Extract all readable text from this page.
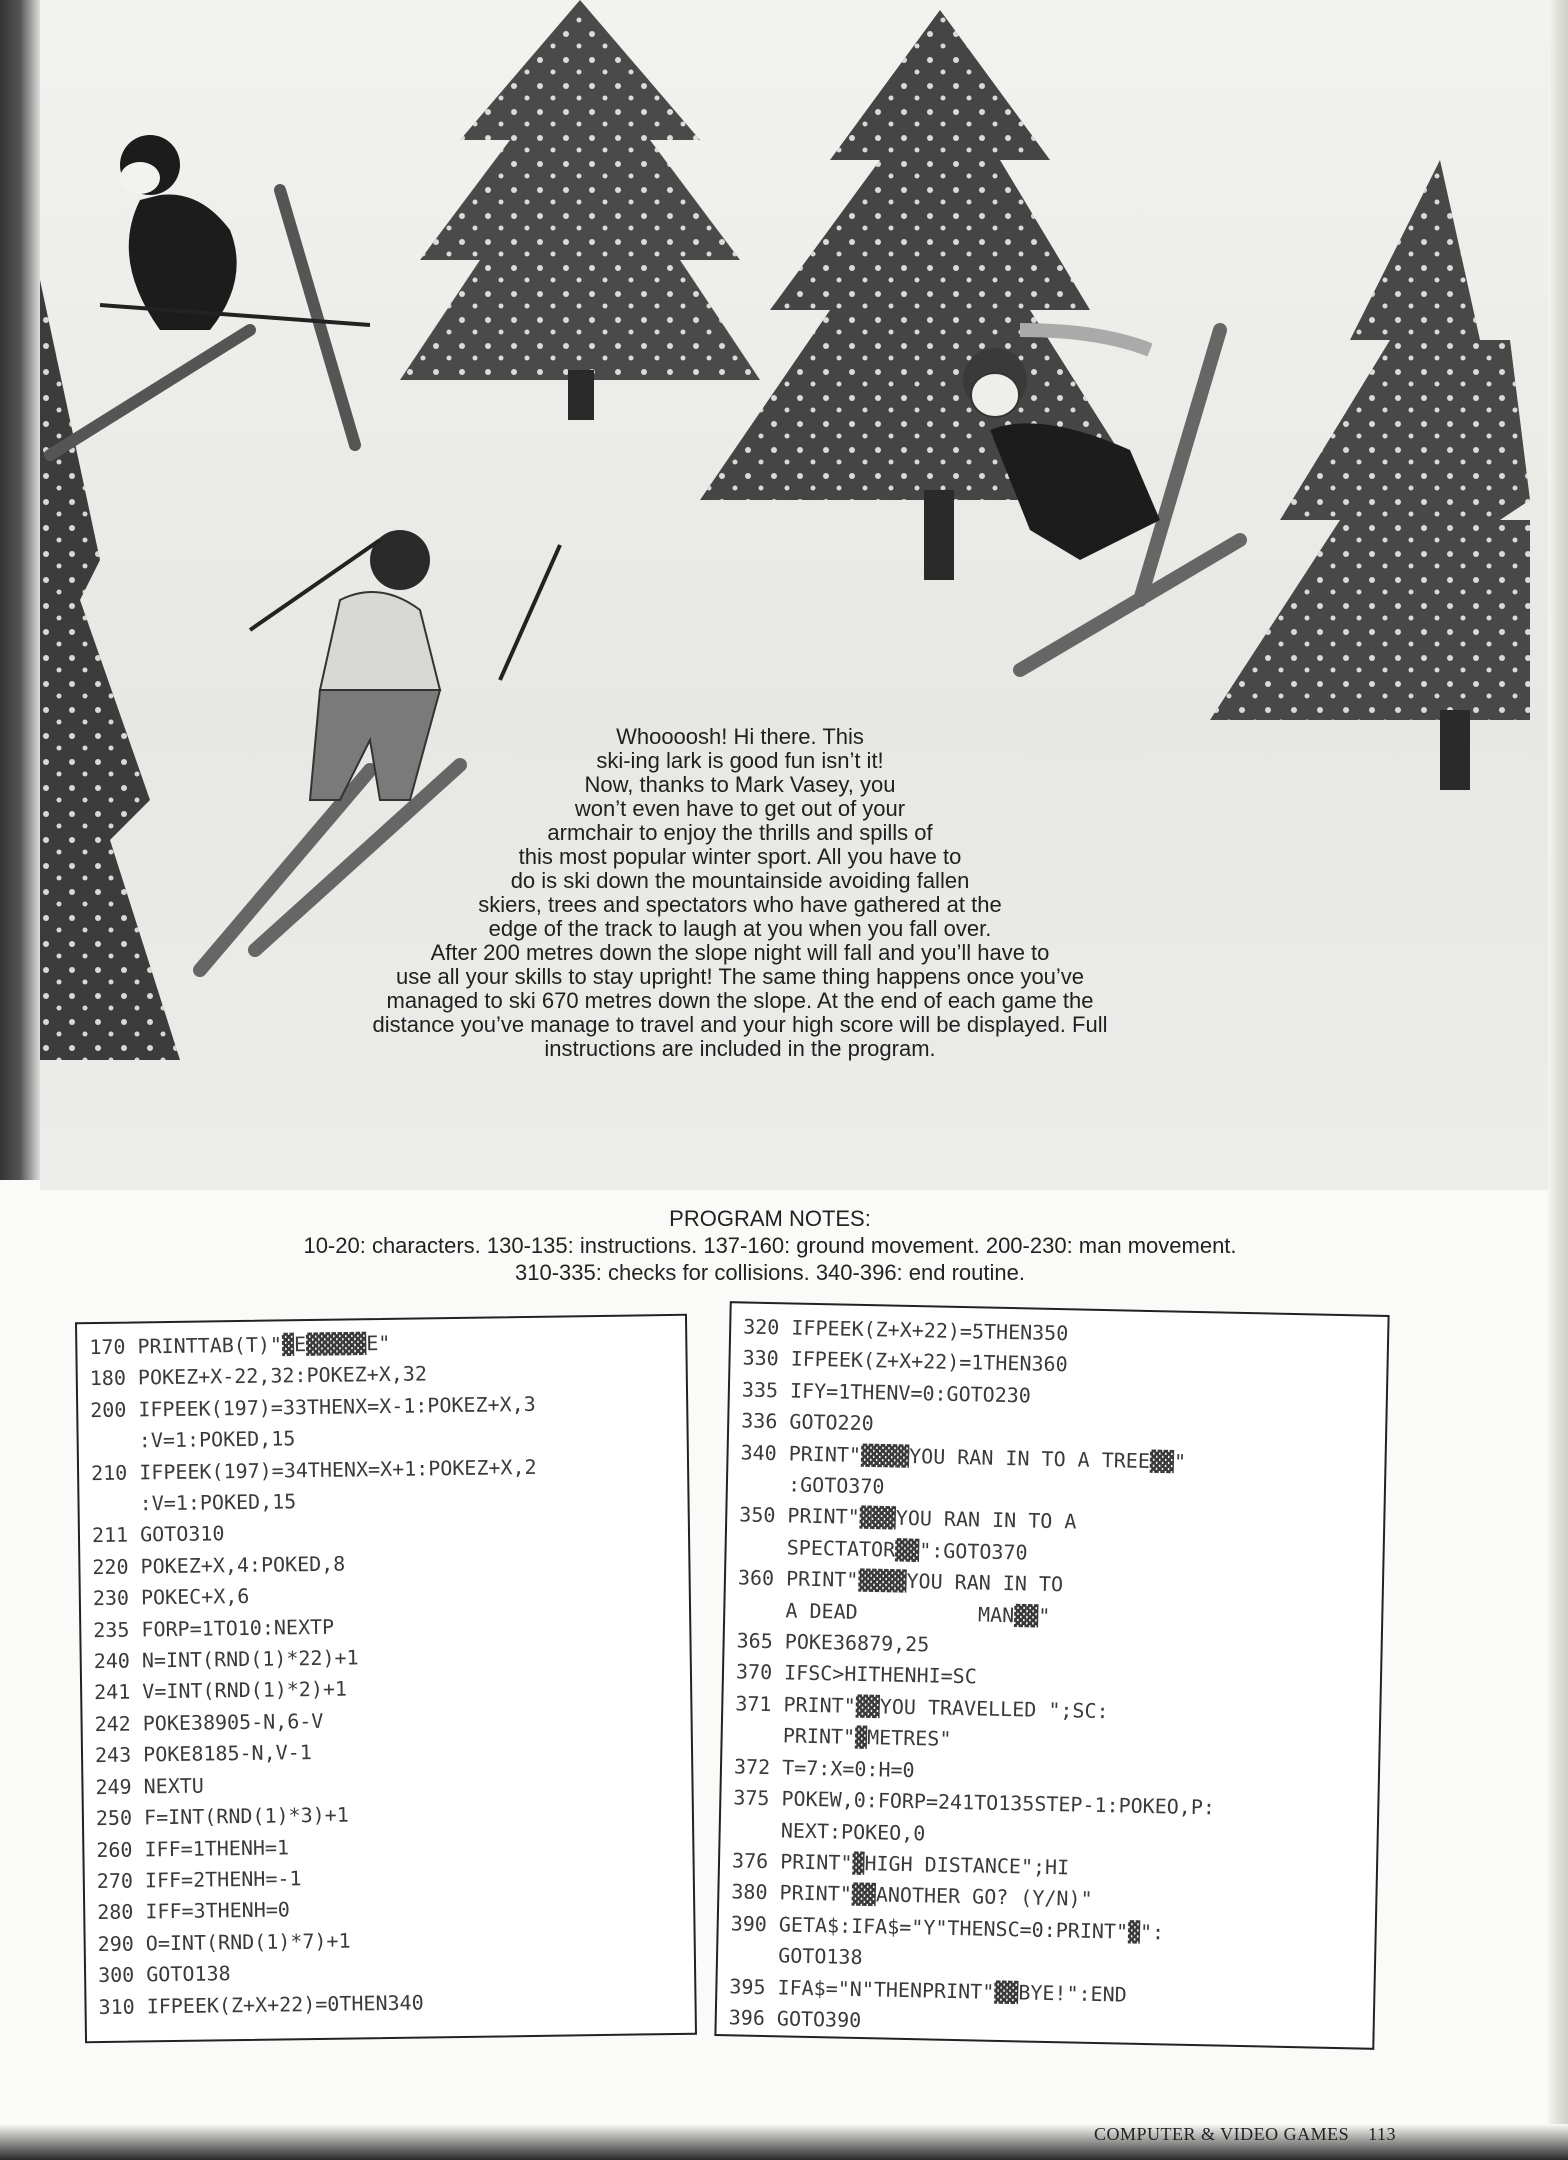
Whoooosh! Hi there. This
ski-ing lark is good fun isn’t it!
Now, thanks to Mark Vasey, you
won’t even have to get out of your
armchair to enjoy the thrills and spills of
this most popular winter sport. All you have to
do is ski down the mountainside avoiding fallen
skiers, trees and spectators who have gathered at the
edge of the track to laugh at you when you fall over.
After 200 metres down the slope night will fall and you’ll have to
use all your skills to stay upright! The same thing happens once you’ve
managed to ski 670 metres down the slope. At the end of each game the
distance you’ve manage to travel and your high score will be displayed. Full
instructions are included in the program.
PROGRAM NOTES:
10-20: characters. 130-135: instructions. 137-160: ground movement. 200-230: man movement.
310-335: checks for collisions. 340-396: end routine.
170 PRINTTAB(T)"▓E▓▓▓▓▓E"
180 POKEZ+X-22,32:POKEZ+X,32
200 IFPEEK(197)=33THENX=X-1:POKEZ+X,3
:V=1:POKED,15
210 IFPEEK(197)=34THENX=X+1:POKEZ+X,2
:V=1:POKED,15
211 GOTO310
220 POKEZ+X,4:POKED,8
230 POKEC+X,6
235 FORP=1TO10:NEXTP
240 N=INT(RND(1)*22)+1
241 V=INT(RND(1)*2)+1
242 POKE38905-N,6-V
243 POKE8185-N,V-1
249 NEXTU
250 F=INT(RND(1)*3)+1
260 IFF=1THENH=1
270 IFF=2THENH=-1
280 IFF=3THENH=0
290 O=INT(RND(1)*7)+1
300 GOTO138
310 IFPEEK(Z+X+22)=0THEN340
320 IFPEEK(Z+X+22)=5THEN350
330 IFPEEK(Z+X+22)=1THEN360
335 IFY=1THENV=0:GOTO230
336 GOTO220
340 PRINT"▓▓▓▓YOU RAN IN TO A TREE▓▓"
:GOTO370
350 PRINT"▓▓▓YOU RAN IN TO A
SPECTATOR▓▓":GOTO370
360 PRINT"▓▓▓▓YOU RAN IN TO
A DEAD          MAN▓▓"
365 POKE36879,25
370 IFSC>HITHENHI=SC
371 PRINT"▓▓YOU TRAVELLED ";SC:
PRINT"▓METRES"
372 T=7:X=0:H=0
375 POKEW,0:FORP=241TO135STEP-1:POKEO,P:
NEXT:POKEO,0
376 PRINT"▓HIGH DISTANCE";HI
380 PRINT"▓▓ANOTHER GO? (Y/N)"
390 GETA$:IFA$="Y"THENSC=0:PRINT"▓":
GOTO138
395 IFA$="N"THENPRINT"▓▓BYE!":END
396 GOTO390
COMPUTER & VIDEO GAMES 113
